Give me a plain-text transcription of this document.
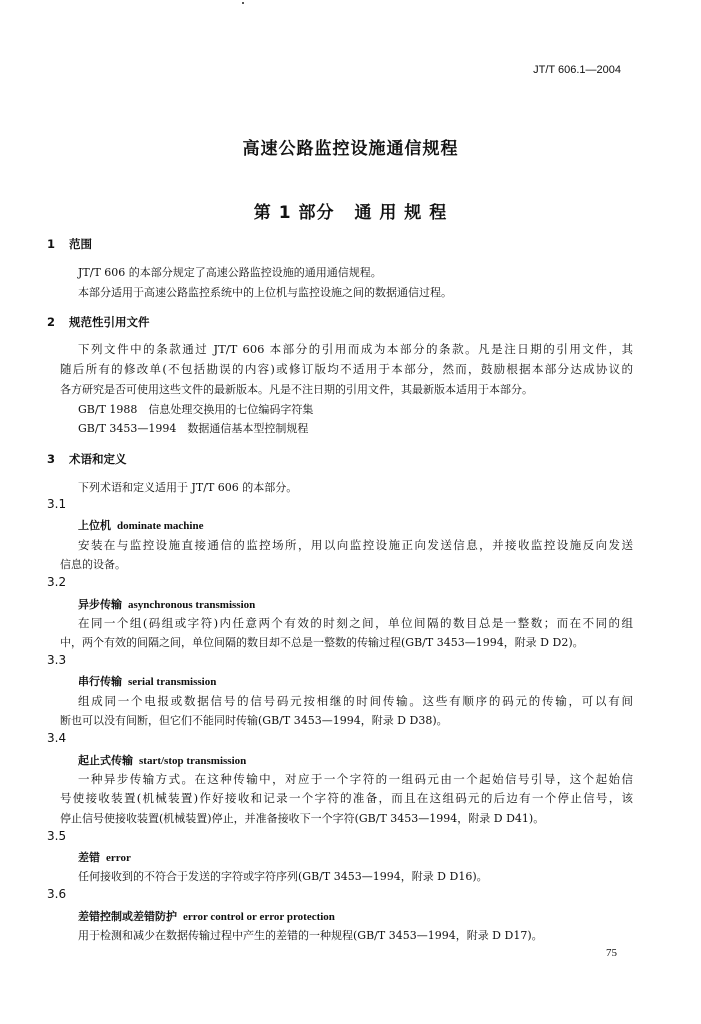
JT/T 606.1—2004
高速公路监控设施通信规程
第 1 部分 通 用 规 程
1 范围
JT/T 606 的本部分规定了高速公路监控设施的通用通信规程。
本部分适用于高速公路监控系统中的上位机与监控设施之间的数据通信过程。
2 规范性引用文件
下列文件中的条款通过 JT/T 606 本部分的引用而成为本部分的条款。凡是注日期的引用文件，其
随后所有的修改单(不包括勘误的内容)或修订版均不适用于本部分，然而，鼓励根据本部分达成协议的
各方研究是否可使用这些文件的最新版本。凡是不注日期的引用文件，其最新版本适用于本部分。
GB/T 1988　信息处理交换用的七位编码字符集
GB/T 3453—1994　数据通信基本型控制规程
3 术语和定义
下列术语和定义适用于 JT/T 606 的本部分。
3.1
上位机 dominate machine
安装在与监控设施直接通信的监控场所，用以向监控设施正向发送信息，并接收监控设施反向发送
信息的设备。
3.2
异步传输 asynchronous transmission
在同一个组(码组或字符)内任意两个有效的时刻之间，单位间隔的数目总是一整数；而在不同的组
中，两个有效的间隔之间，单位间隔的数目却不总是一整数的传输过程(GB/T 3453—1994，附录 D D2)。
3.3
串行传输 serial transmission
组成同一个电报或数据信号的信号码元按相继的时间传输。这些有顺序的码元的传输，可以有间
断也可以没有间断，但它们不能同时传输(GB/T 3453—1994，附录 D D38)。
3.4
起止式传输 start/stop transmission
一种异步传输方式。在这种传输中，对应于一个字符的一组码元由一个起始信号引导，这个起始信
号使接收装置(机械装置)作好接收和记录一个字符的准备，而且在这组码元的后边有一个停止信号，该
停止信号使接收装置(机械装置)停止，并准备接收下一个字符(GB/T 3453—1994，附录 D D41)。
3.5
差错 error
任何接收到的不符合于发送的字符或字符序列(GB/T 3453—1994，附录 D D16)。
3.6
差错控制或差错防护 error control or error protection
用于检测和减少在数据传输过程中产生的差错的一种规程(GB/T 3453—1994，附录 D D17)。
75
